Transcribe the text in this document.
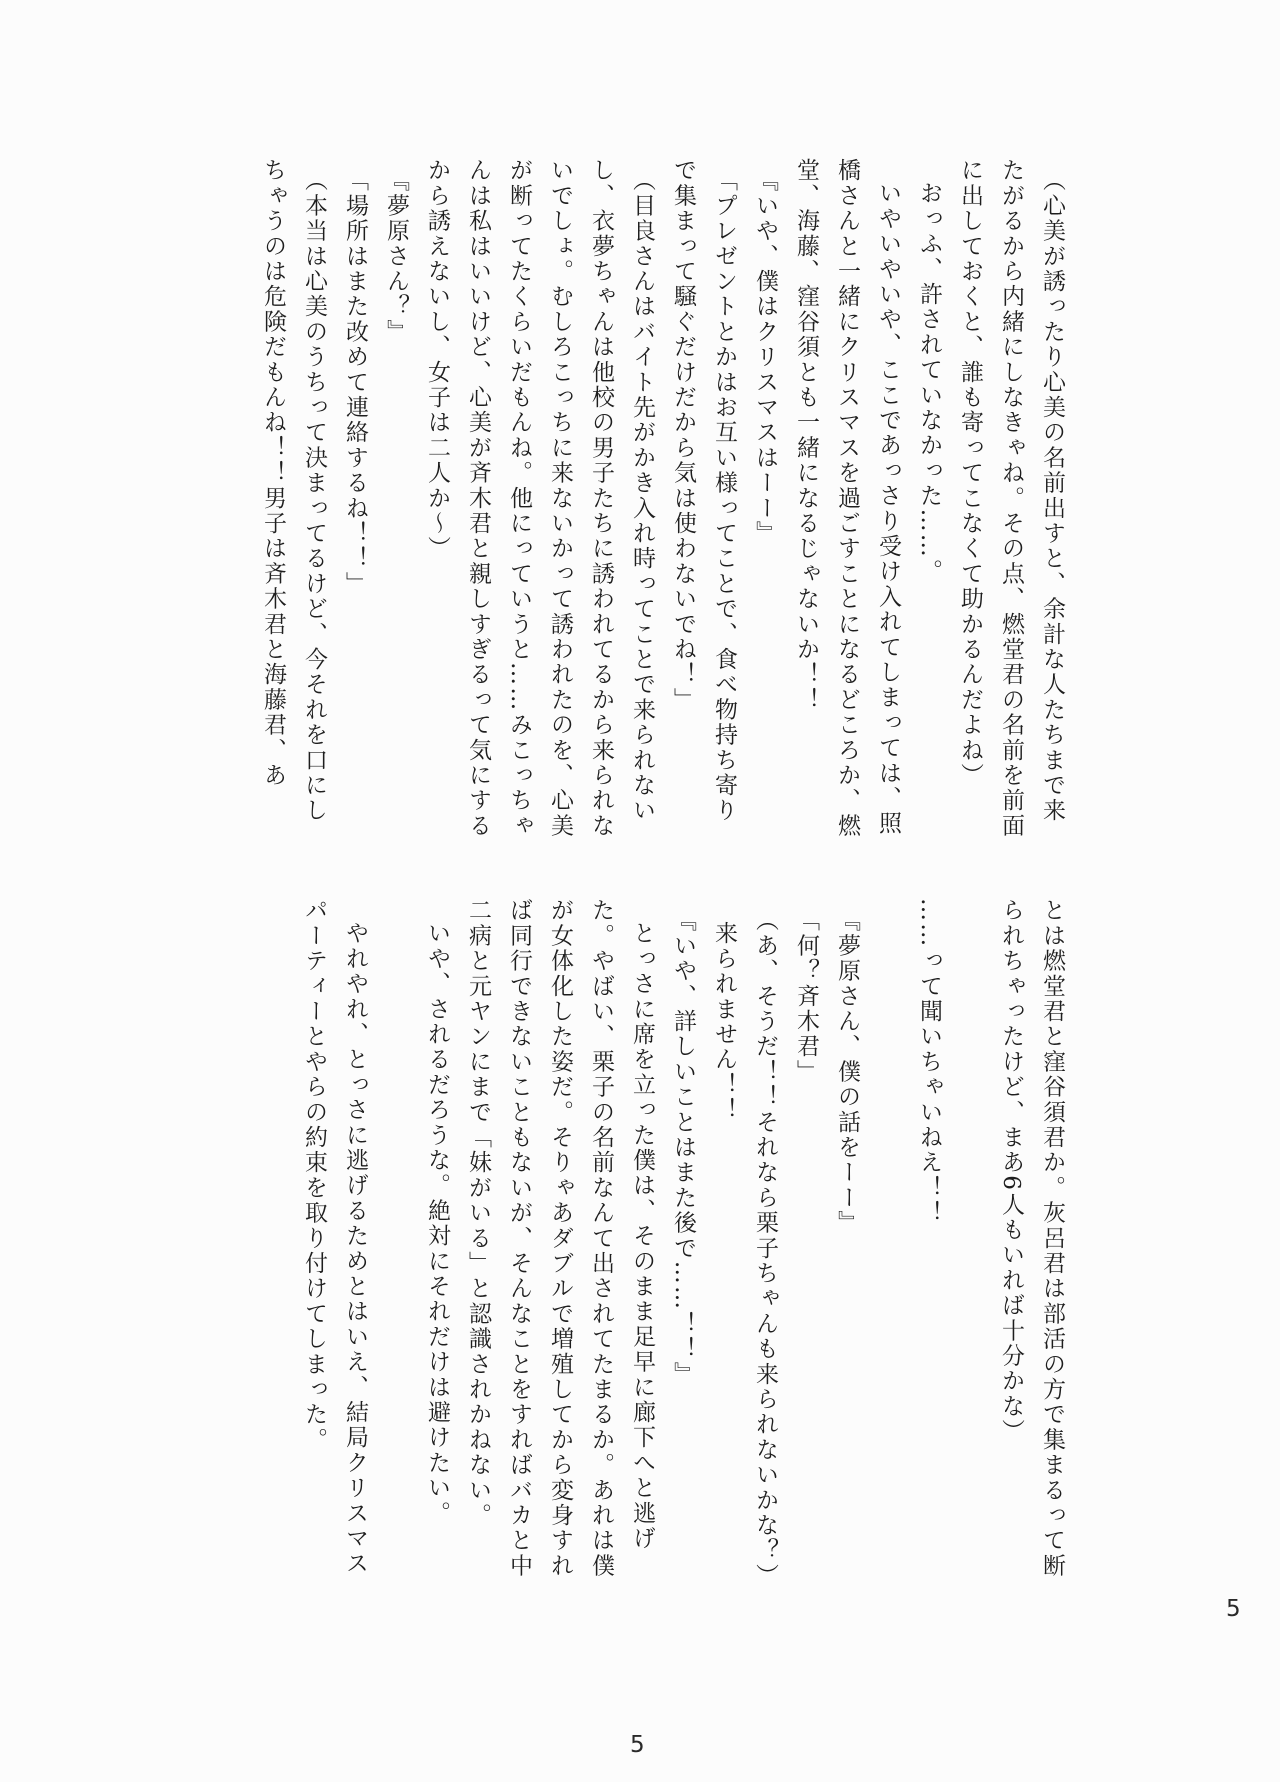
（心美が誘ったり心美の名前出すと、余計な人たちまで来たがるから内緒にしなきゃね。その点、燃堂君の名前を前面に出しておくと、誰も寄ってこなくて助かるんだよね）

おっふ、許されていなかった……。

いやいやいや、ここであっさり受け入れてしまっては、照橋さんと一緒にクリスマスを過ごすことになるどころか、燃堂、海藤、窪谷須とも一緒になるじゃないか！！

『いや、僕はクリスマスはーー』

「プレゼントとかはお互い様ってことで、食べ物持ち寄りで集まって騒ぐだけだから気は使わないでね！」

（目良さんはバイト先がかき入れ時ってことで来られないし、衣夢ちゃんは他校の男子たちに誘われてるから来られないでしょ。むしろこっちに来ないかって誘われたのを、心美が断ってたくらいだもんね。他にっていうと……みこっちゃんは私はいいけど、心美が斉木君と親しすぎるって気にするから誘えないし、女子は二人か〜）

『夢原さん？』

「場所はまた改めて連絡するね！！」

（本当は心美のうちって決まってるけど、今それを口にしちゃうのは危険だもんね！！男子は斉木君と海藤君、あ

とは燃堂君と窪谷須君か。灰呂君は部活の方で集まるって断られちゃったけど、まあ6人もいれば十分かな）

……って聞いちゃいねえ！！

『夢原さん、僕の話をーー』

「何？斉木君」

（あ、そうだ！！それなら栗子ちゃんも来られないかな？）

来られません！！

『いや、詳しいことはまた後で……！！』

とっさに席を立った僕は、そのまま足早に廊下へと逃げた。やばい、栗子の名前なんて出されてたまるか。あれは僕が女体化した姿だ。そりゃあダブルで増殖してから変身すれば同行できないこともないが、そんなことをすればバカと中二病と元ヤンにまで「妹がいる」と認識されかねない。

いや、されるだろうな。絶対にそれだけは避けたい。

やれやれ、とっさに逃げるためとはいえ、結局クリスマスパーティーとやらの約束を取り付けてしまった。

5
5
